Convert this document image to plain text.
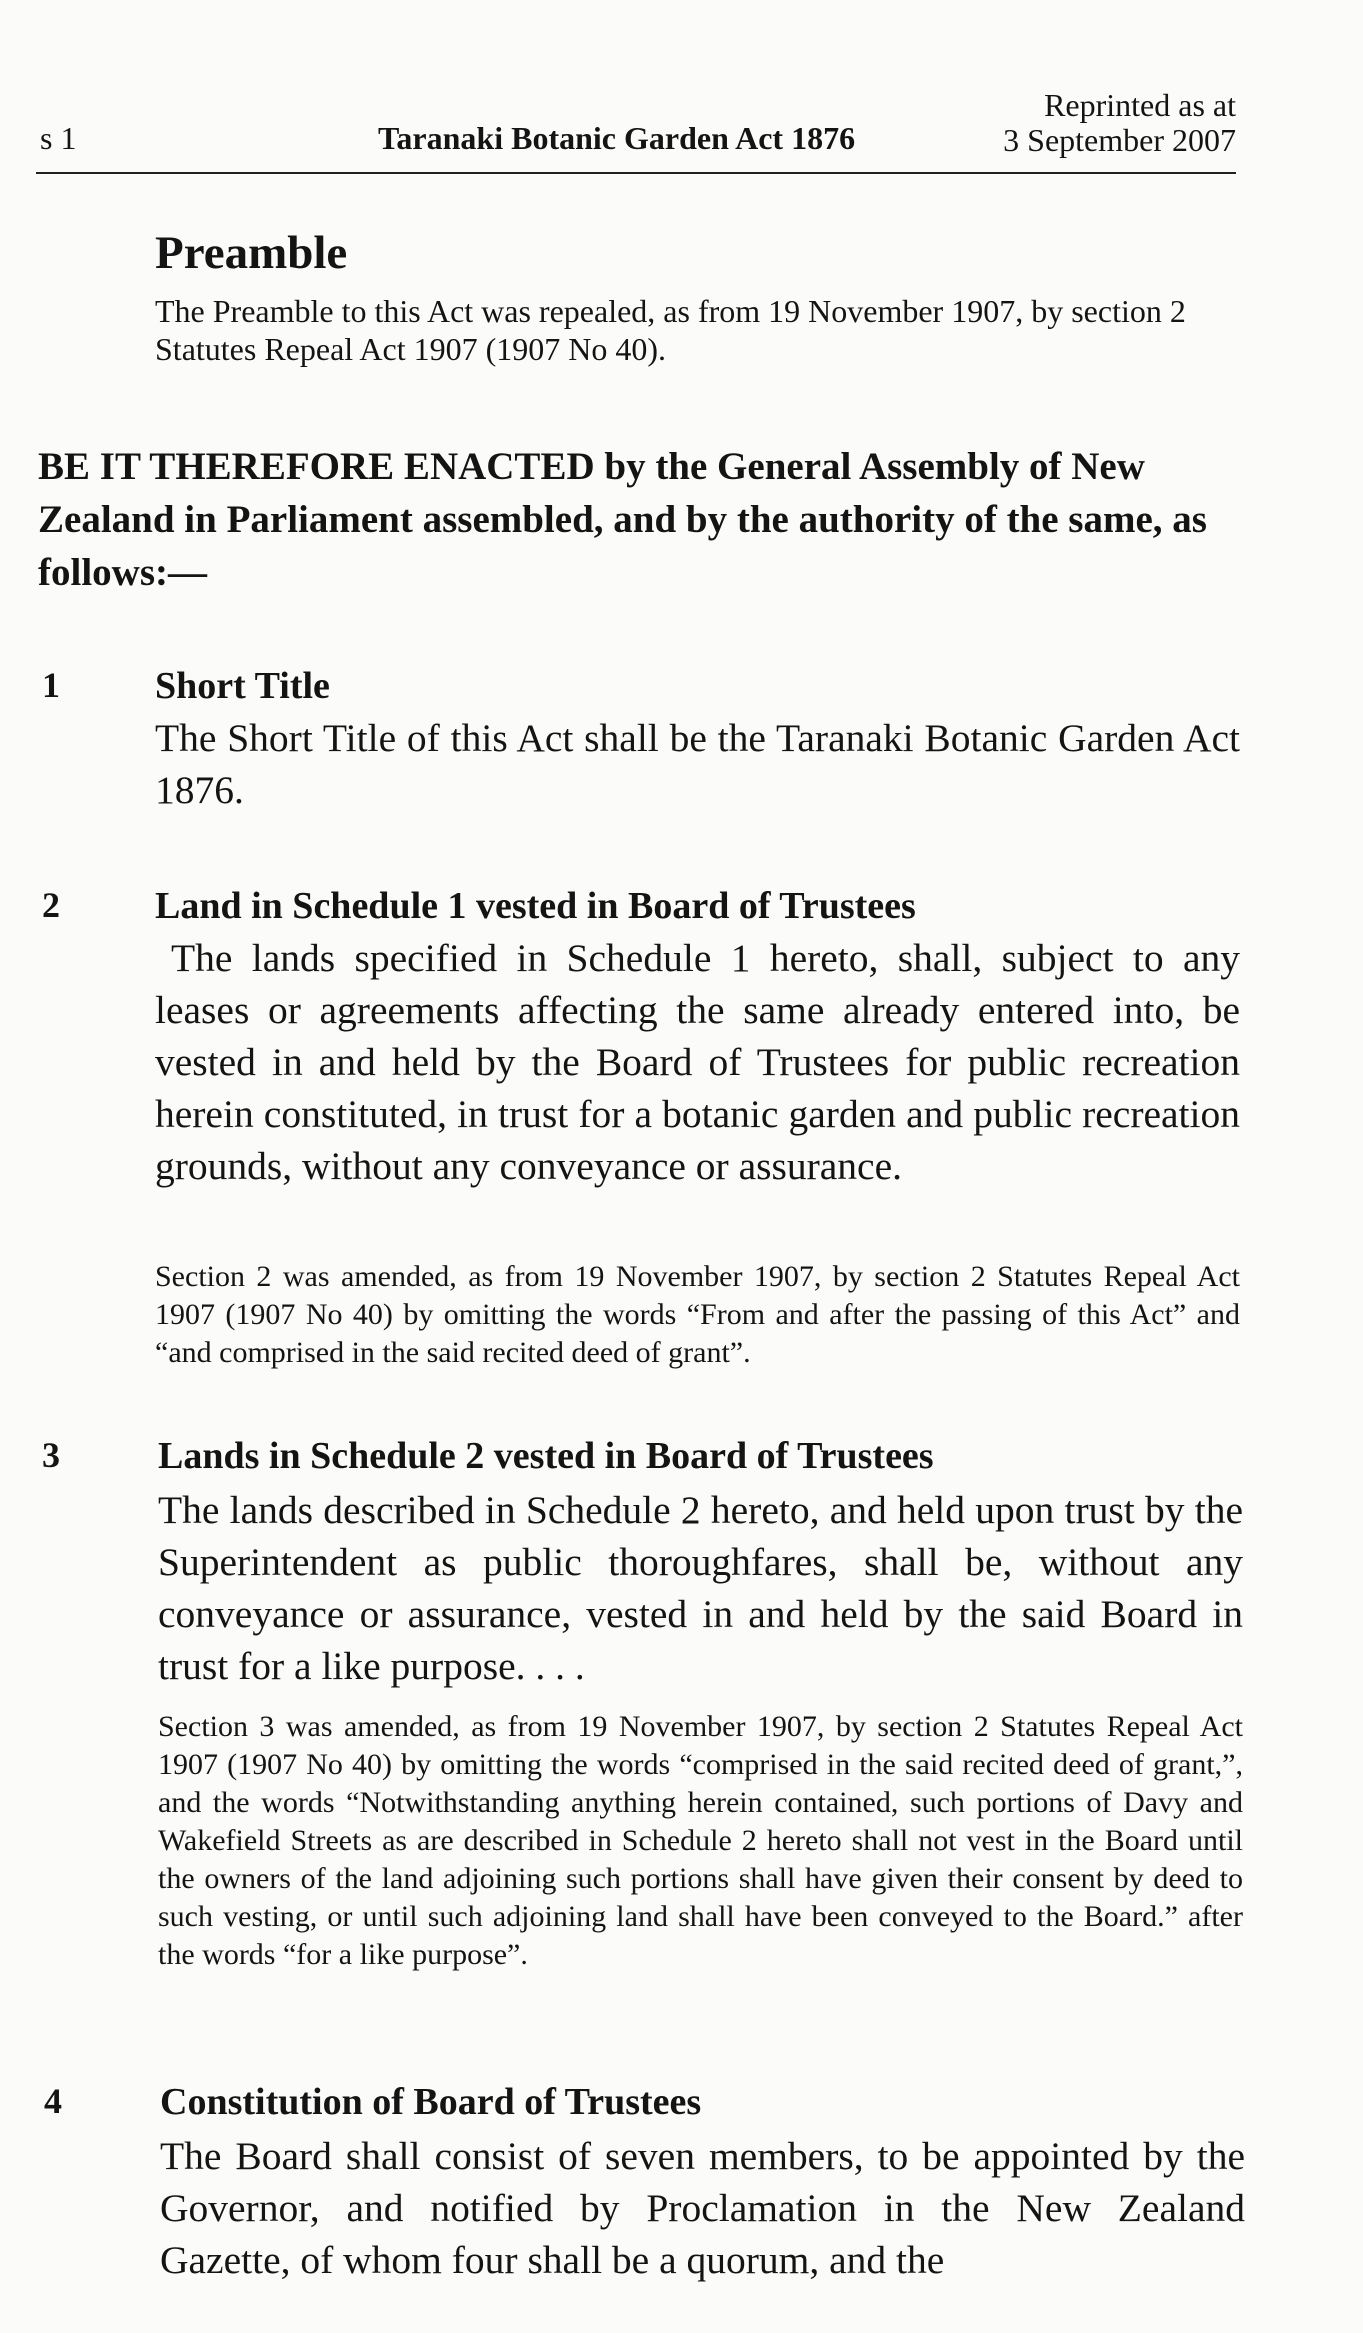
s 1	Taranaki Botanic Garden Act 1876
Reprinted as at
3 September 2007
Preamble
The Preamble to this Act was repealed, as from 19 November 1907, by section 2 Statutes Repeal Act 1907 (1907 No 40).
BE IT THEREFORE ENACTED by the General Assembly of New Zealand in Parliament assembled, and by the authority of the same, as follows:—
1	Short Title
The Short Title of this Act shall be the Taranaki Botanic Garden Act 1876.
2	Land in Schedule 1 vested in Board of Trustees
The lands specified in Schedule 1 hereto, shall, subject to any leases or agreements affecting the same already entered into, be vested in and held by the Board of Trustees for public recreation herein constituted, in trust for a botanic garden and public recreation grounds, without any conveyance or assurance.
Section 2 was amended, as from 19 November 1907, by section 2 Statutes Repeal Act 1907 (1907 No 40) by omitting the words “From and after the passing of this Act” and “and comprised in the said recited deed of grant”.
3	Lands in Schedule 2 vested in Board of Trustees
The lands described in Schedule 2 hereto, and held upon trust by the Superintendent as public thoroughfares, shall be, without any conveyance or assurance, vested in and held by the said Board in trust for a like purpose. . . .
Section 3 was amended, as from 19 November 1907, by section 2 Statutes Repeal Act 1907 (1907 No 40) by omitting the words “comprised in the said recited deed of grant,”, and the words “Notwithstanding anything herein contained, such portions of Davy and Wakefield Streets as are described in Schedule 2 hereto shall not vest in the Board until the owners of the land adjoining such portions shall have given their consent by deed to such vesting, or until such adjoining land shall have been conveyed to the Board.” after the words “for a like purpose”.
4	Constitution of Board of Trustees
The Board shall consist of seven members, to be appointed by the Governor, and notified by Proclamation in the New Zealand Gazette, of whom four shall be a quorum, and the
